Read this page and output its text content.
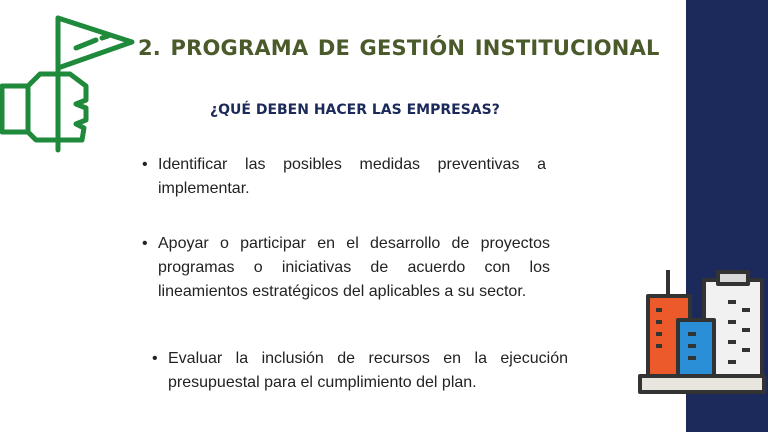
2. PROGRAMA DE GESTIÓN INSTITUCIONAL
¿QUÉ DEBEN HACER LAS EMPRESAS?
• Identificar las posibles medidas preventivas a implementar.
• Apoyar o participar en el desarrollo de proyectos programas o iniciativas de acuerdo con los lineamientos estratégicos del aplicables a su sector.
• Evaluar la inclusión de recursos en la ejecución presupuestal para el cumplimiento del plan.
